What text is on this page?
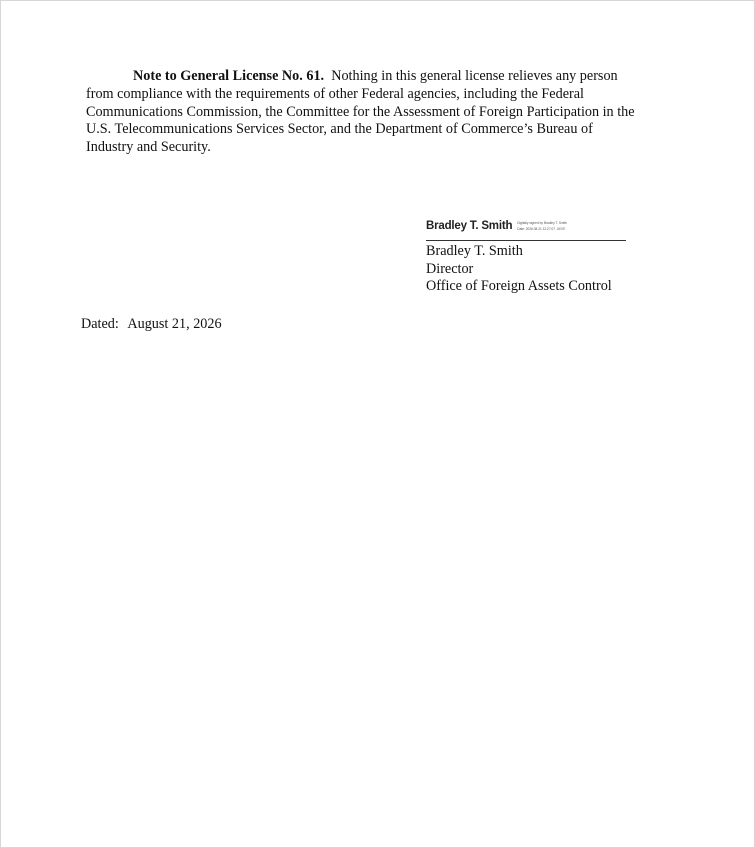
Note to General License No. 61. Nothing in this general license relieves any person
from compliance with the requirements of other Federal agencies, including the Federal
Communications Commission, the Committee for the Assessment of Foreign Participation in the
U.S. Telecommunications Services Sector, and the Department of Commerce’s Bureau of
Industry and Security.
Bradley T. Smith Digitally signed by Bradley T. Smith
Date: 2026.08.21 12:27:07 -04'00'
Bradley T. Smith
Director
Office of Foreign Assets Control
Dated: August 21, 2026
